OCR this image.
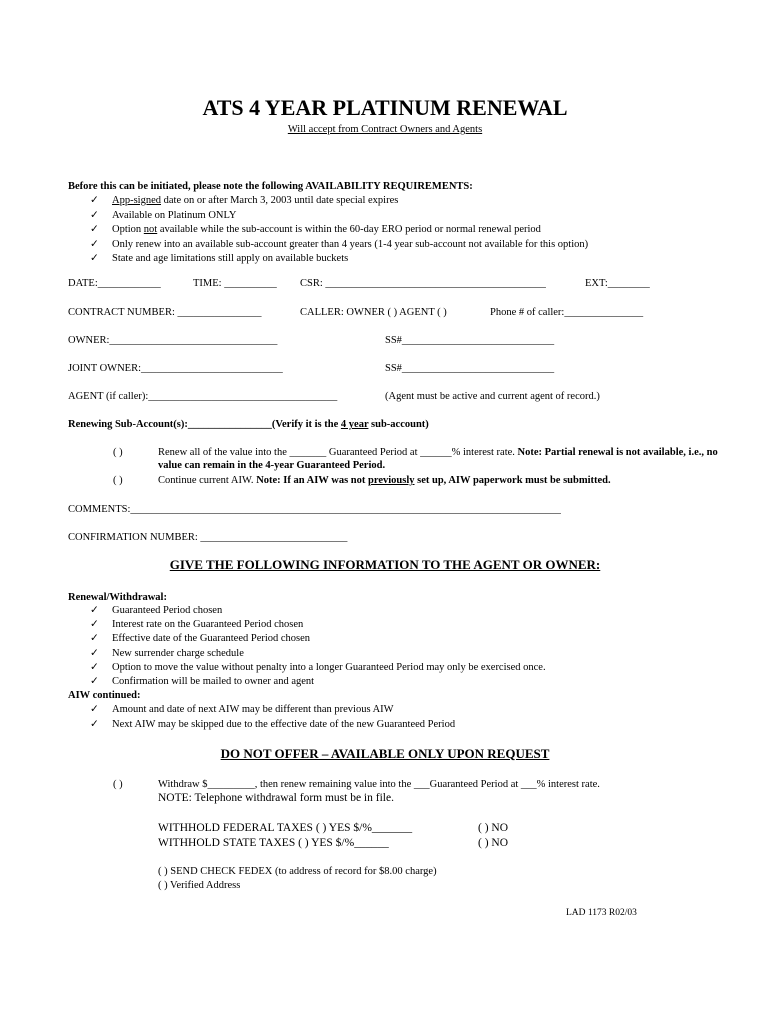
ATS 4 YEAR PLATINUM RENEWAL
Will accept from Contract Owners and Agents
Before this can be initiated, please note the following AVAILABILITY REQUIREMENTS:
✓ App-signed date on or after March 3, 2003 until date special expires
✓ Available on Platinum ONLY
✓ Option not available while the sub-account is within the 60-day ERO period or normal renewal period
✓ Only renew into an available sub-account greater than 4 years (1-4 year sub-account not available for this option)
✓ State and age limitations still apply on available buckets
DATE:____________	TIME: __________ CSR: __________________________________________	EXT:________
CONTRACT NUMBER: ________________	CALLER: OWNER ( ) AGENT ( )	Phone # of caller:_______________
OWNER:________________________________	SS#_____________________________
JOINT OWNER:___________________________	SS#_____________________________
AGENT (if caller):____________________________________	(Agent must be active and current agent of record.)
Renewing Sub-Account(s):________________(Verify it is the 4 year sub-account)
( )	Renew all of the value into the _______ Guaranteed Period at ______% interest rate. Note: Partial renewal is not available, i.e., no value can remain in the 4-year Guaranteed Period.
( )	Continue current AIW. Note: If an AIW was not previously set up, AIW paperwork must be submitted.
COMMENTS:__________________________________________________________________________________
CONFIRMATION NUMBER: ____________________________
GIVE THE FOLLOWING INFORMATION TO THE AGENT OR OWNER:
Renewal/Withdrawal:
✓ Guaranteed Period chosen
✓ Interest rate on the Guaranteed Period chosen
✓ Effective date of the Guaranteed Period chosen
✓ New surrender charge schedule
✓ Option to move the value without penalty into a longer Guaranteed Period may only be exercised once.
✓ Confirmation will be mailed to owner and agent
AIW continued:
✓ Amount and date of next AIW may be different than previous AIW
✓ Next AIW may be skipped due to the effective date of the new Guaranteed Period
DO NOT OFFER – AVAILABLE ONLY UPON REQUEST
( )	Withdraw $_________, then renew remaining value into the ___Guaranteed Period at ___% interest rate.
NOTE: Telephone withdrawal form must be in file.
WITHHOLD FEDERAL TAXES ( ) YES $/%_______	( ) NO
WITHHOLD STATE TAXES ( ) YES $/%______	( ) NO
( ) SEND CHECK FEDEX (to address of record for $8.00 charge)
( ) Verified Address
LAD 1173 R02/03
